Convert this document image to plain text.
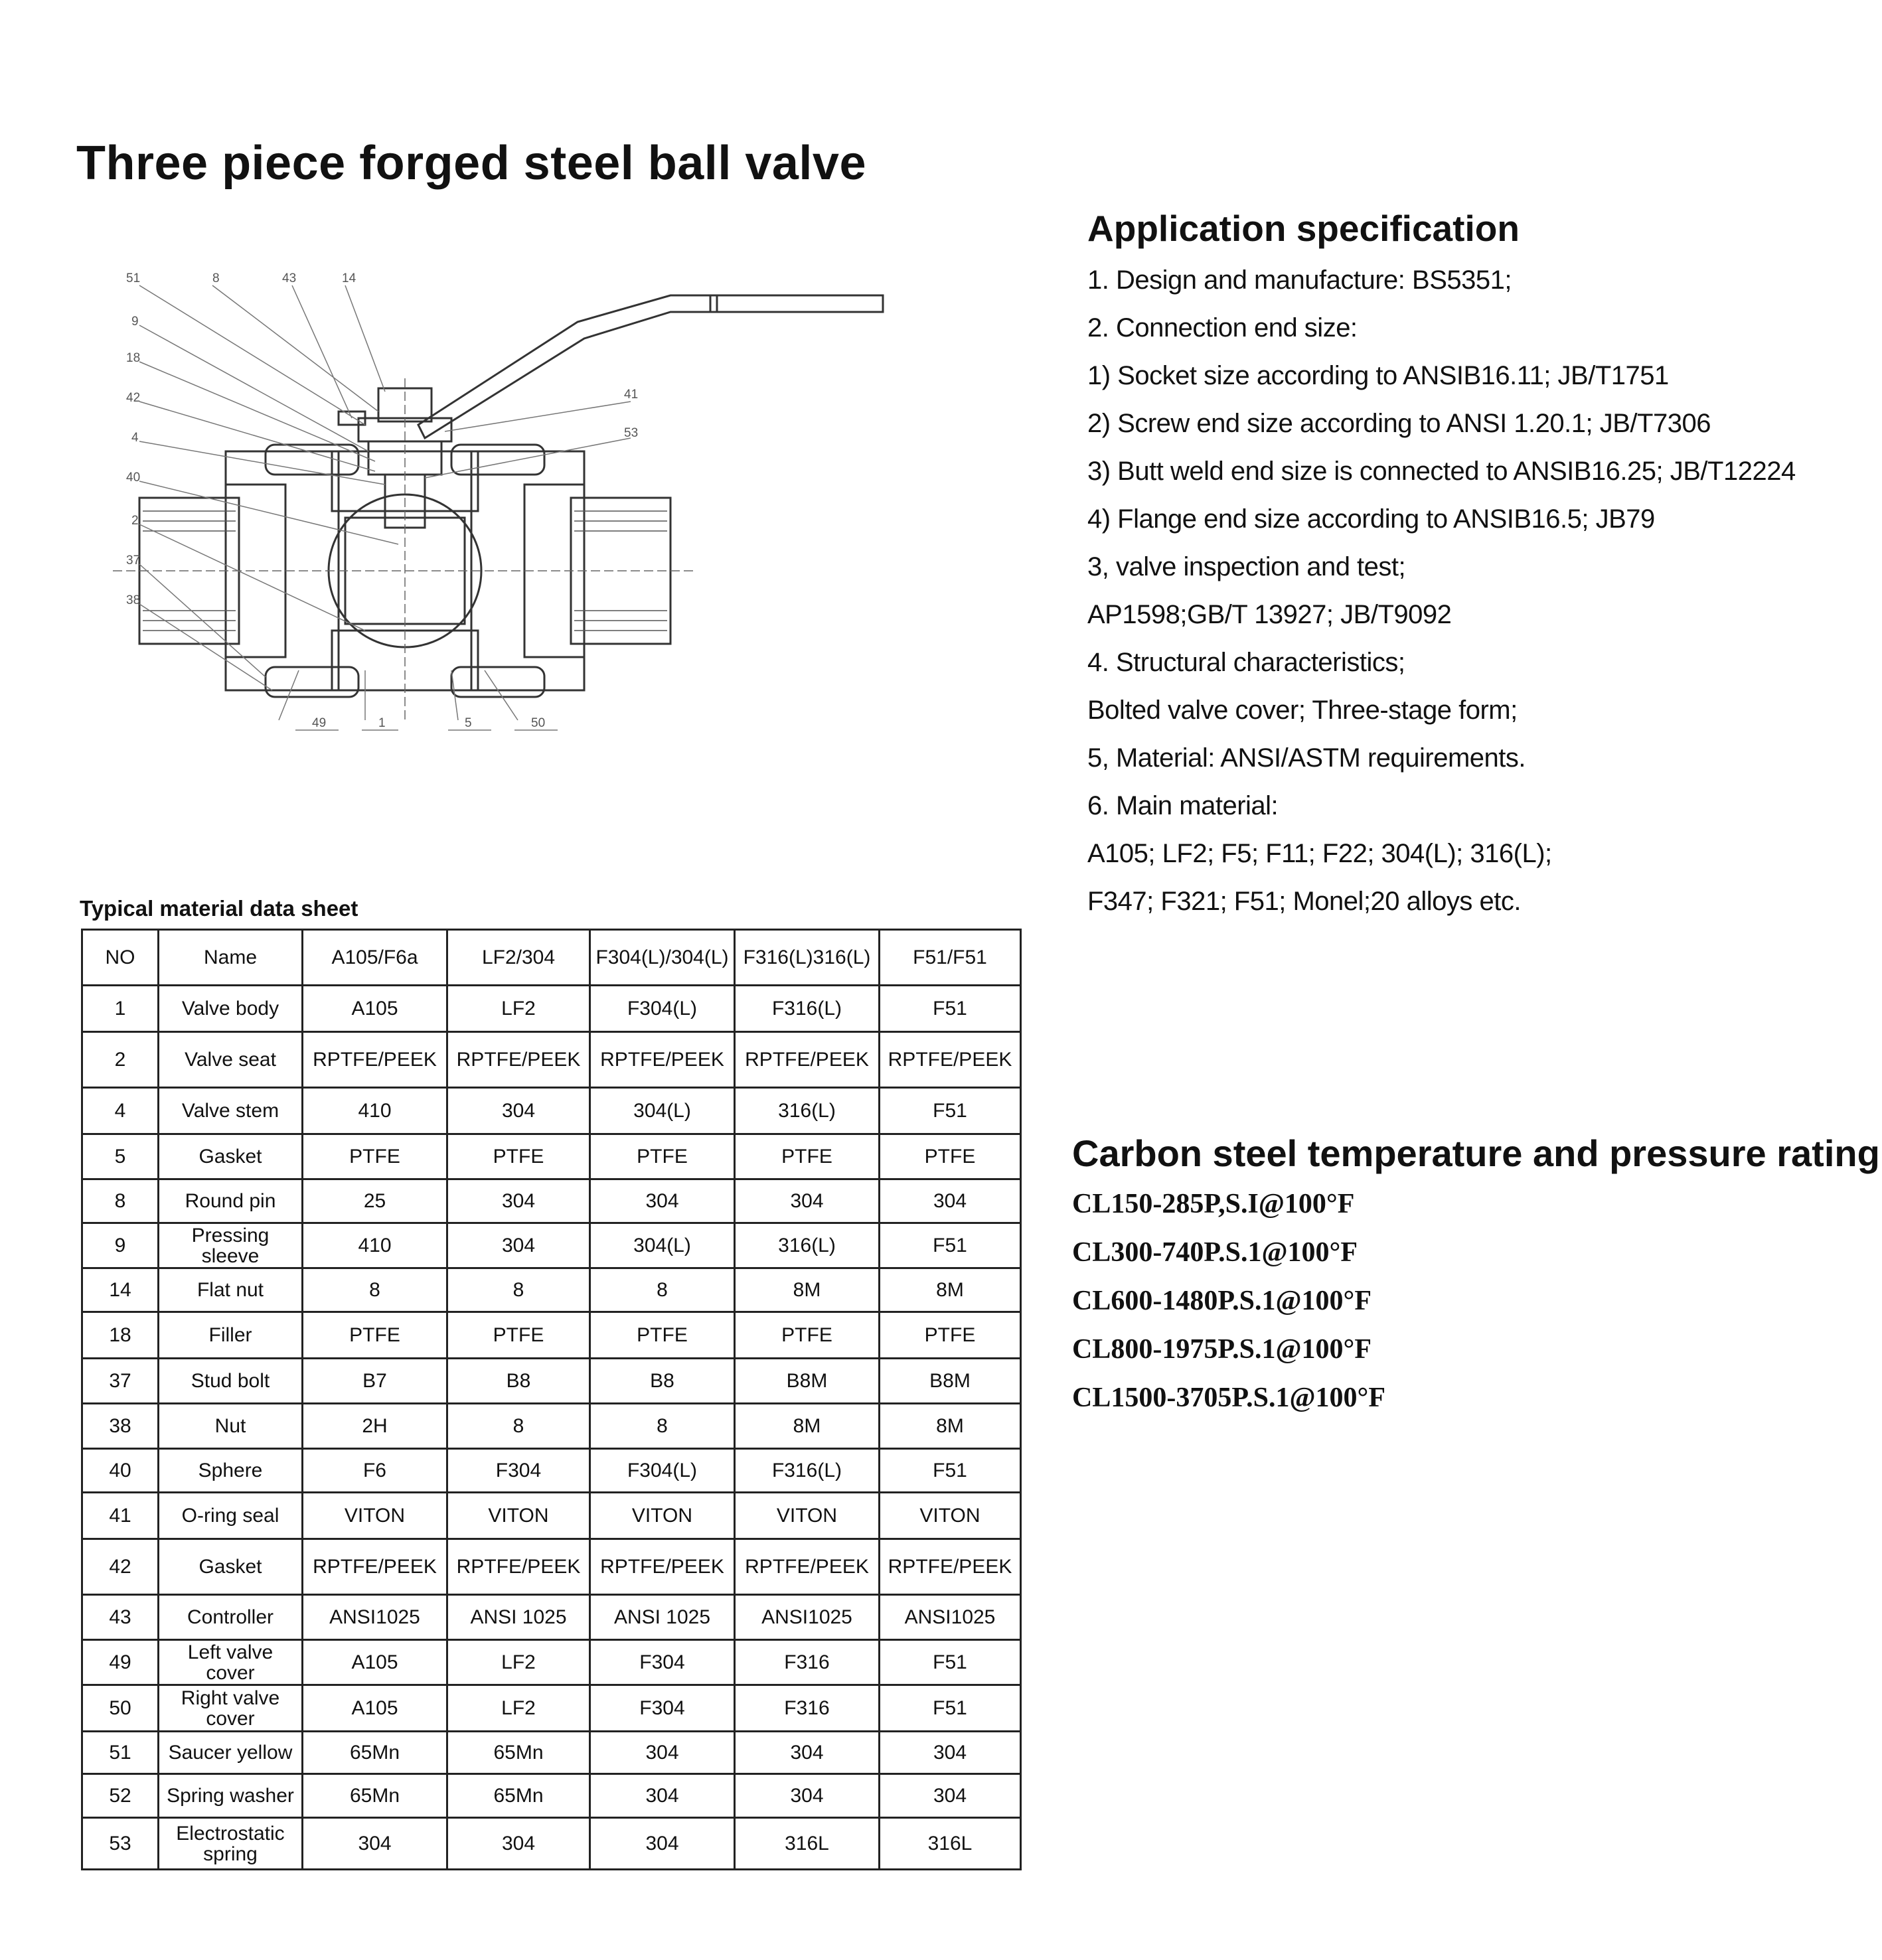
Three piece forged steel ball valve
51	8	43	14
9
18
42
4
40
2
37
38
41
53
49	1	5	50
Application specification
1. Design and manufacture: BS5351;
2. Connection end size:
1) Socket size according to ANSIB16.11; JB/T1751
2) Screw end size according to ANSI 1.20.1; JB/T7306
3) Butt weld end size is connected to ANSIB16.25; JB/T12224
4) Flange end size according to ANSIB16.5; JB79
3, valve inspection and test;
AP1598;GB/T 13927; JB/T9092
4. Structural characteristics;
Bolted valve cover; Three-stage form;
5, Material: ANSI/ASTM requirements.
6. Main material:
A105; LF2; F5; F11; F22; 304(L); 316(L);
F347; F321; F51; Monel;20 alloys etc.
Typical material data sheet
NO	Name	A105/F6a	LF2/304	F304(L)/304(L)	F316(L)316(L)	F51/F51
1	Valve body	A105	LF2	F304(L)	F316(L)	F51
2	Valve seat	RPTFE/PEEK	RPTFE/PEEK	RPTFE/PEEK	RPTFE/PEEK	RPTFE/PEEK
4	Valve stem	410	304	304(L)	316(L)	F51
5	Gasket	PTFE	PTFE	PTFE	PTFE	PTFE
8	Round pin	25	304	304	304	304
9	Pressing sleeve	410	304	304(L)	316(L)	F51
14	Flat nut	8	8	8	8M	8M
18	Filler	PTFE	PTFE	PTFE	PTFE	PTFE
37	Stud bolt	B7	B8	B8	B8M	B8M
38	Nut	2H	8	8	8M	8M
40	Sphere	F6	F304	F304(L)	F316(L)	F51
41	O-ring seal	VITON	VITON	VITON	VITON	VITON
42	Gasket	RPTFE/PEEK	RPTFE/PEEK	RPTFE/PEEK	RPTFE/PEEK	RPTFE/PEEK
43	Controller	ANSI1025	ANSI 1025	ANSI 1025	ANSI1025	ANSI1025
49	Left valve cover	A105	LF2	F304	F316	F51
50	Right valve cover	A105	LF2	F304	F316	F51
51	Saucer yellow	65Mn	65Mn	304	304	304
52	Spring washer	65Mn	65Mn	304	304	304
53	Electrostatic spring	304	304	304	316L	316L
Carbon steel temperature and pressure rating
CL150-285P,S.I@100°F
CL300-740P.S.1@100°F
CL600-1480P.S.1@100°F
CL800-1975P.S.1@100°F
CL1500-3705P.S.1@100°F
